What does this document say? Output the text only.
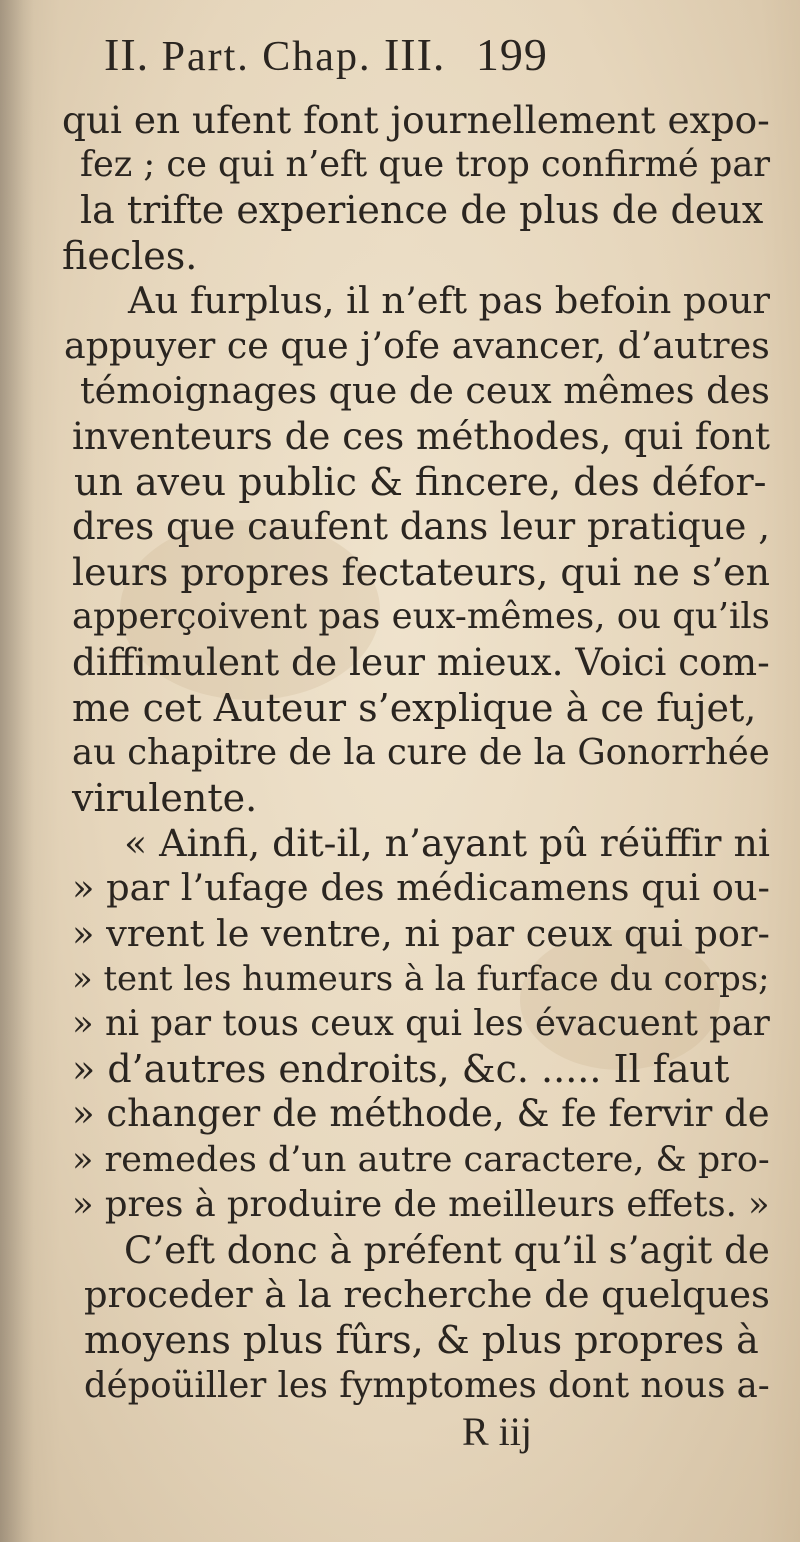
II. Part. Chap. III. 199
qui en ufent font journellement expo-
fez ; ce qui n’eft que trop confirmé par
la trifte experience de plus de deux
fiecles.
Au furplus, il n’eft pas befoin pour
appuyer ce que j’ofe avancer, d’autres
témoignages que de ceux mêmes des
inventeurs de ces méthodes, qui font
un aveu public & fincere, des défor-
dres que caufent dans leur pratique ,
leurs propres fectateurs, qui ne s’en
apperçoivent pas eux-mêmes, ou qu’ils
diffimulent de leur mieux. Voici com-
me cet Auteur s’explique à ce fujet,
au chapitre de la cure de la Gonorrhée
virulente.
« Ainfi, dit-il, n’ayant pû réüffir ni
» par l’ufage des médicamens qui ou-
» vrent le ventre, ni par ceux qui por-
» tent les humeurs à la furface du corps;
» ni par tous ceux qui les évacuent par
» d’autres endroits, &c. ..... Il faut
» changer de méthode, & fe fervir de
» remedes d’un autre caractere, & pro-
» pres à produire de meilleurs effets. »
C’eft donc à préfent qu’il s’agit de
proceder à la recherche de quelques
moyens plus fûrs, & plus propres à
dépoüiller les fymptomes dont nous a-
R iij
